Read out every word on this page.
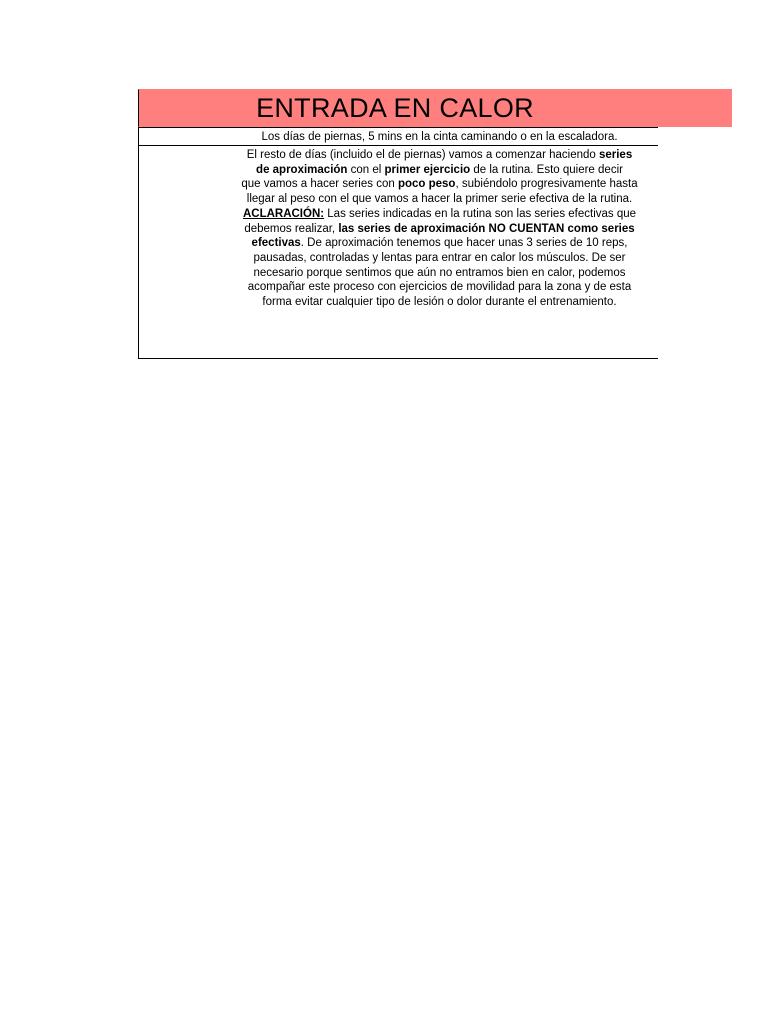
ENTRADA EN CALOR
Los días de piernas, 5 mins en la cinta caminando o en la escaladora.

El resto de días (incluido el de piernas) vamos a comenzar haciendo series

de aproximación con el primer ejercicio de la rutina. Esto quiere decir

que vamos a hacer series con poco peso, subiéndolo progresivamente hasta

llegar al peso con el que vamos a hacer la primer serie efectiva de la rutina.

ACLARACIÓN: Las series indicadas en la rutina son las series efectivas que

debemos realizar, las series de aproximación NO CUENTAN como series

efectivas. De aproximación tenemos que hacer unas 3 series de 10 reps,

pausadas, controladas y lentas para entrar en calor los músculos. De ser

necesario porque sentimos que aún no entramos bien en calor, podemos

acompañar este proceso con ejercicios de movilidad para la zona y de esta

forma evitar cualquier tipo de lesión o dolor durante el entrenamiento.
